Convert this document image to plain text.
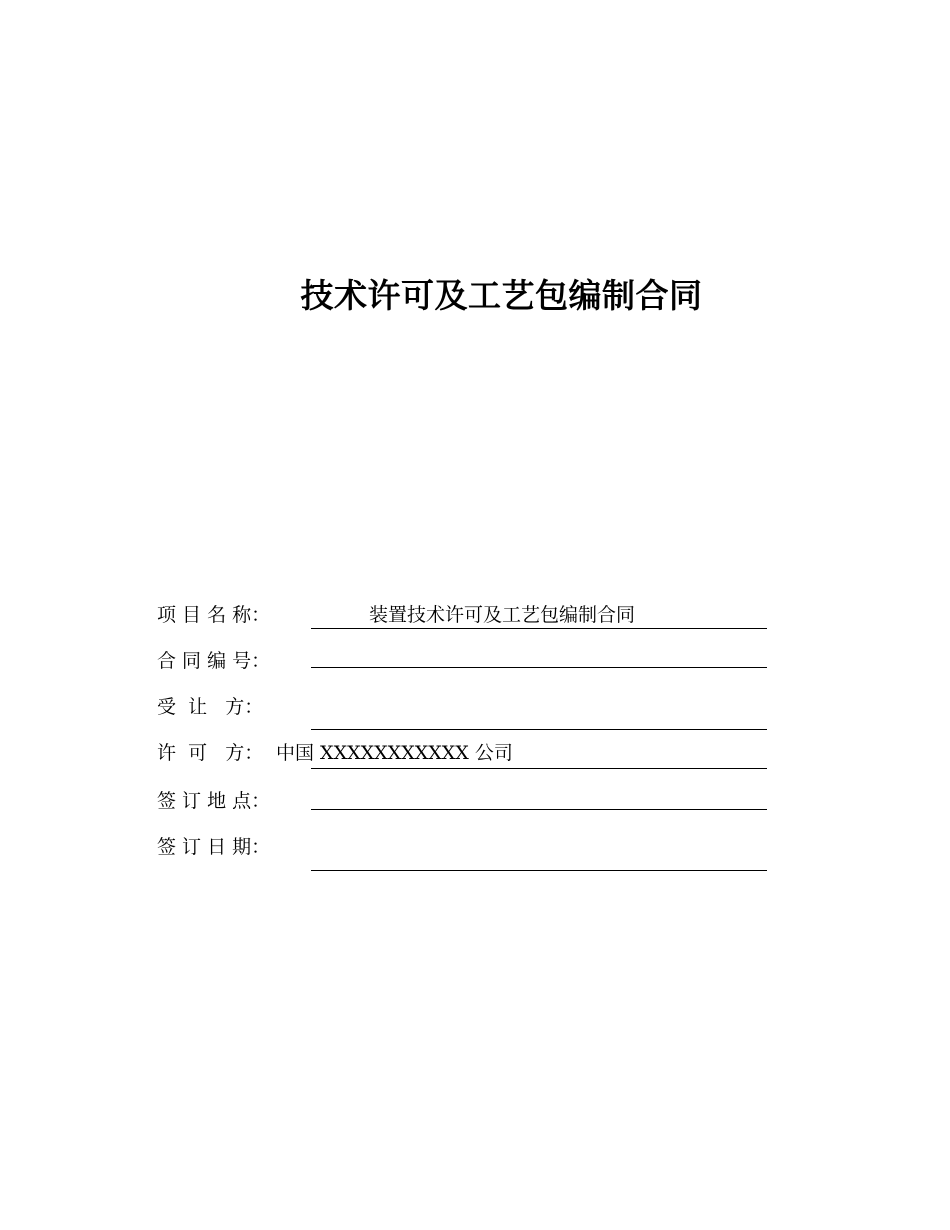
技术许可及工艺包编制合同
项 目 名 称：	装置技术许可及工艺包编制合同
合 同 编 号：
受  让   方：
许  可   方： 中国 XXXXXXXXXXX 公司
签 订 地 点：
签 订 日 期：
